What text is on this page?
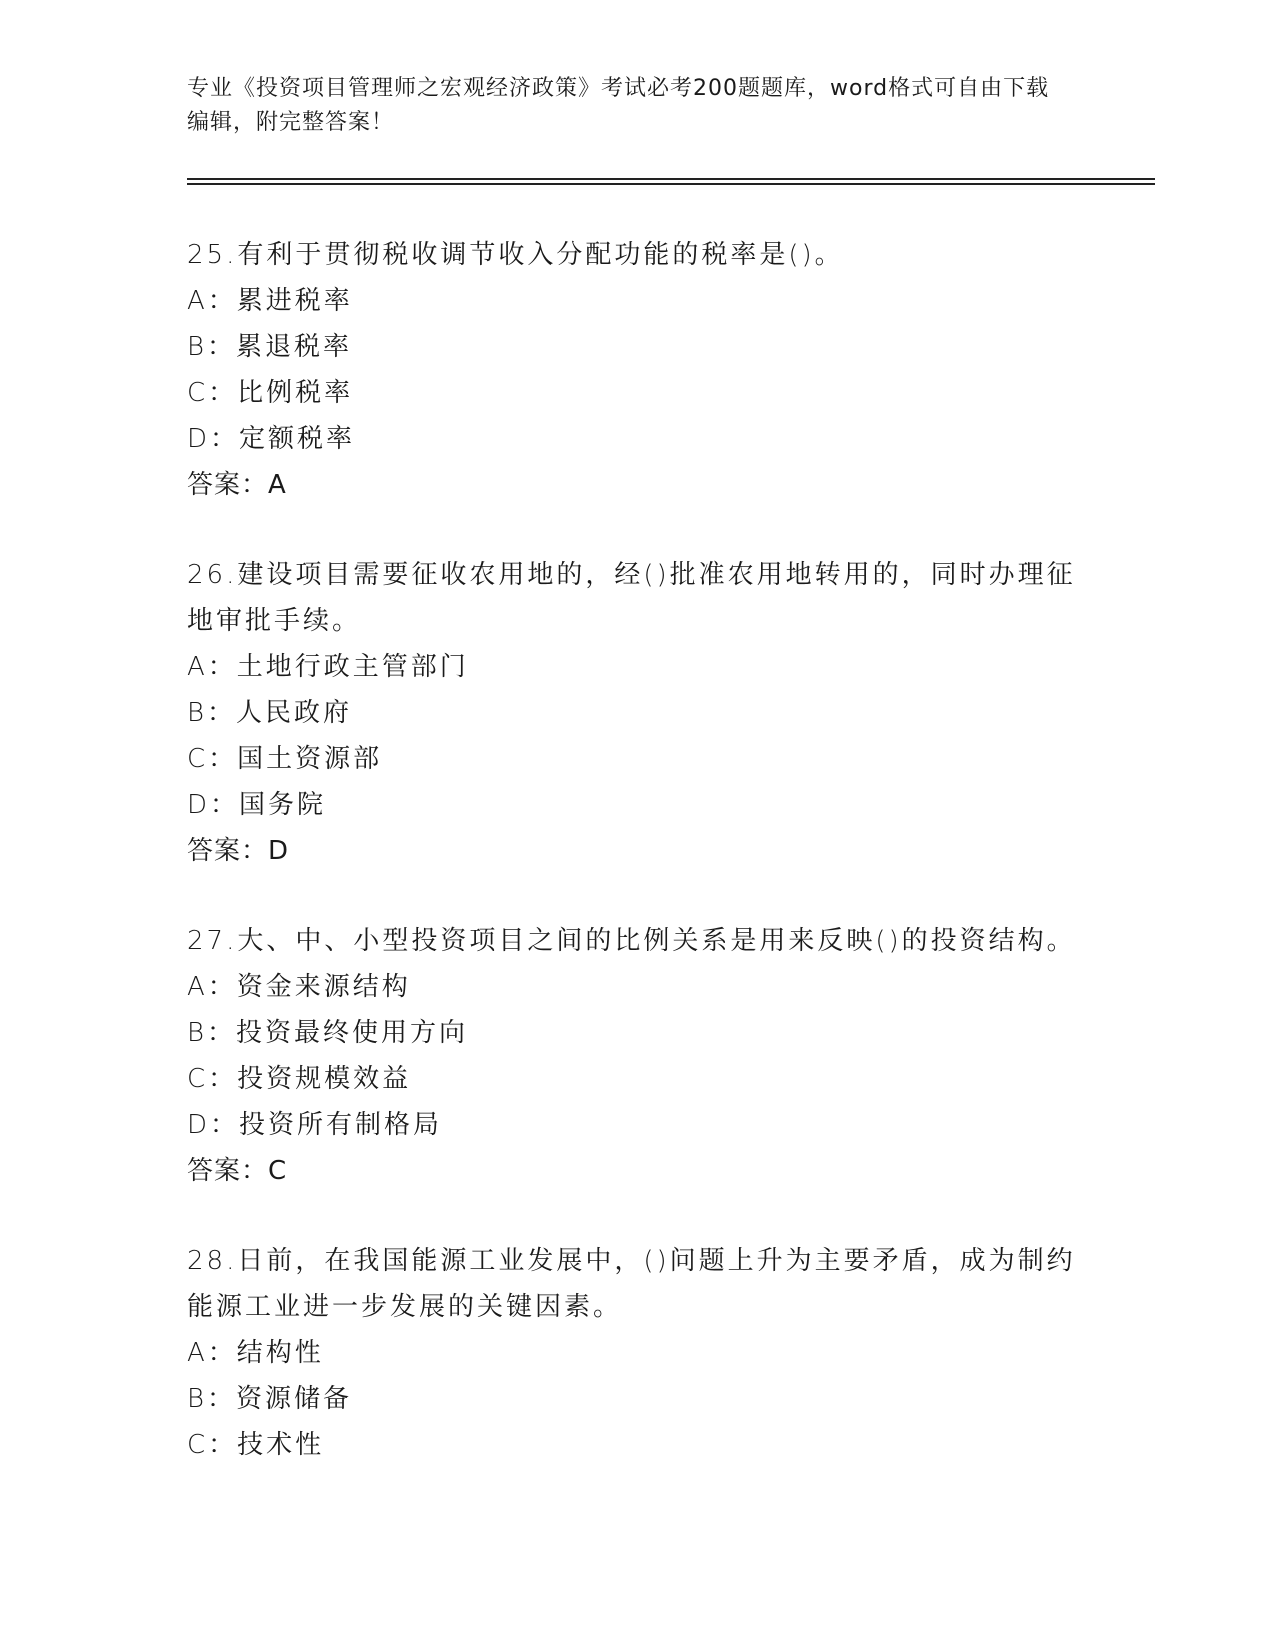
专业《投资项目管理师之宏观经济政策》考试必考200题题库，word格式可自由下载编辑，附完整答案！
25.有利于贯彻税收调节收入分配功能的税率是()。
A：累进税率
B：累退税率
C：比例税率
D：定额税率
答案：A
26.建设项目需要征收农用地的，经()批准农用地转用的，同时办理征地审批手续。
A：土地行政主管部门
B：人民政府
C：国土资源部
D：国务院
答案：D
27.大、中、小型投资项目之间的比例关系是用来反映()的投资结构。
A：资金来源结构
B：投资最终使用方向
C：投资规模效益
D：投资所有制格局
答案：C
28.日前，在我国能源工业发展中，()问题上升为主要矛盾，成为制约能源工业进一步发展的关键因素。
A：结构性
B：资源储备
C：技术性
